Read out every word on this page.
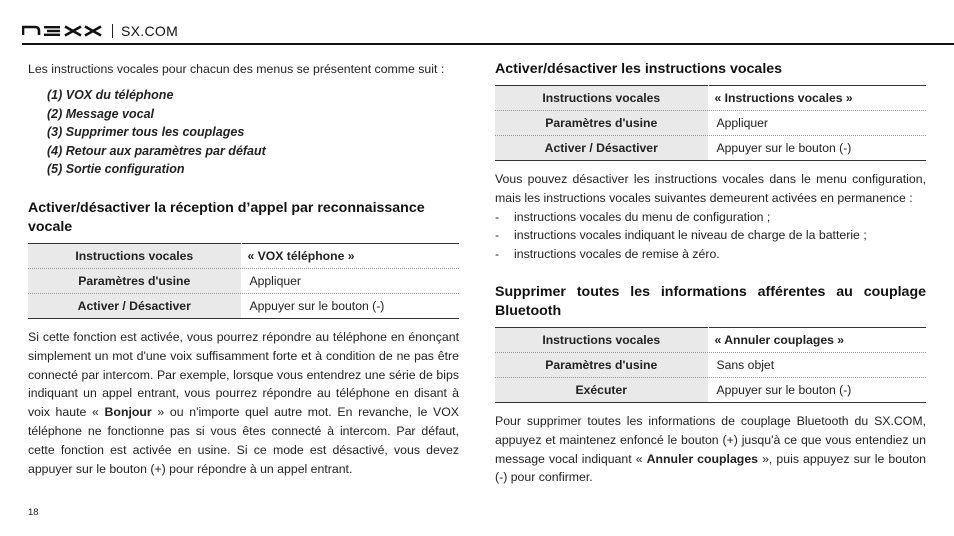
SX.COM

Les instructions vocales pour chacun des menus se présentent comme suit :

(1) VOX du téléphone
(2) Message vocal
(3) Supprimer tous les couplages
(4) Retour aux paramètres par défaut
(5) Sortie configuration
Activer/désactiver la réception d’appel par reconnaissance vocale
Instructions vocales	« VOX téléphone »
Paramètres d'usine	Appliquer
Activer / Désactiver	Appuyer sur le bouton (-)

Si cette fonction est activée, vous pourrez répondre au téléphone en énonçant simplement un mot d'une voix suffisamment forte et à condition de ne pas être connecté par intercom. Par exemple, lorsque vous entendrez une série de bips indiquant un appel entrant, vous pourrez répondre au téléphone en disant à voix haute « Bonjour » ou n'importe quel autre mot. En revanche, le VOX téléphone ne fonctionne pas si vous êtes connecté à intercom. Par défaut, cette fonction est activée en usine. Si ce mode est désactivé, vous devez appuyer sur le bouton (+) pour répondre à un appel entrant.

Activer/désactiver les instructions vocales
Instructions vocales	« Instructions vocales »
Paramètres d'usine	Appliquer
Activer / Désactiver	Appuyer sur le bouton (-)

Vous pouvez désactiver les instructions vocales dans le menu configuration, mais les instructions vocales suivantes demeurent activées en permanence :

- instructions vocales du menu de configuration ;
- instructions vocales indiquant le niveau de charge de la batterie ;
- instructions vocales de remise à zéro.
Supprimer toutes les informations afférentes au couplage Bluetooth
Instructions vocales	« Annuler couplages »
Paramètres d'usine	Sans objet
Exécuter	Appuyer sur le bouton (-)

Pour supprimer toutes les informations de couplage Bluetooth du SX.COM, appuyez et maintenez enfoncé le bouton (+) jusqu'à ce que vous entendiez un message vocal indiquant « Annuler couplages », puis appuyez sur le bouton (-) pour confirmer.

18
